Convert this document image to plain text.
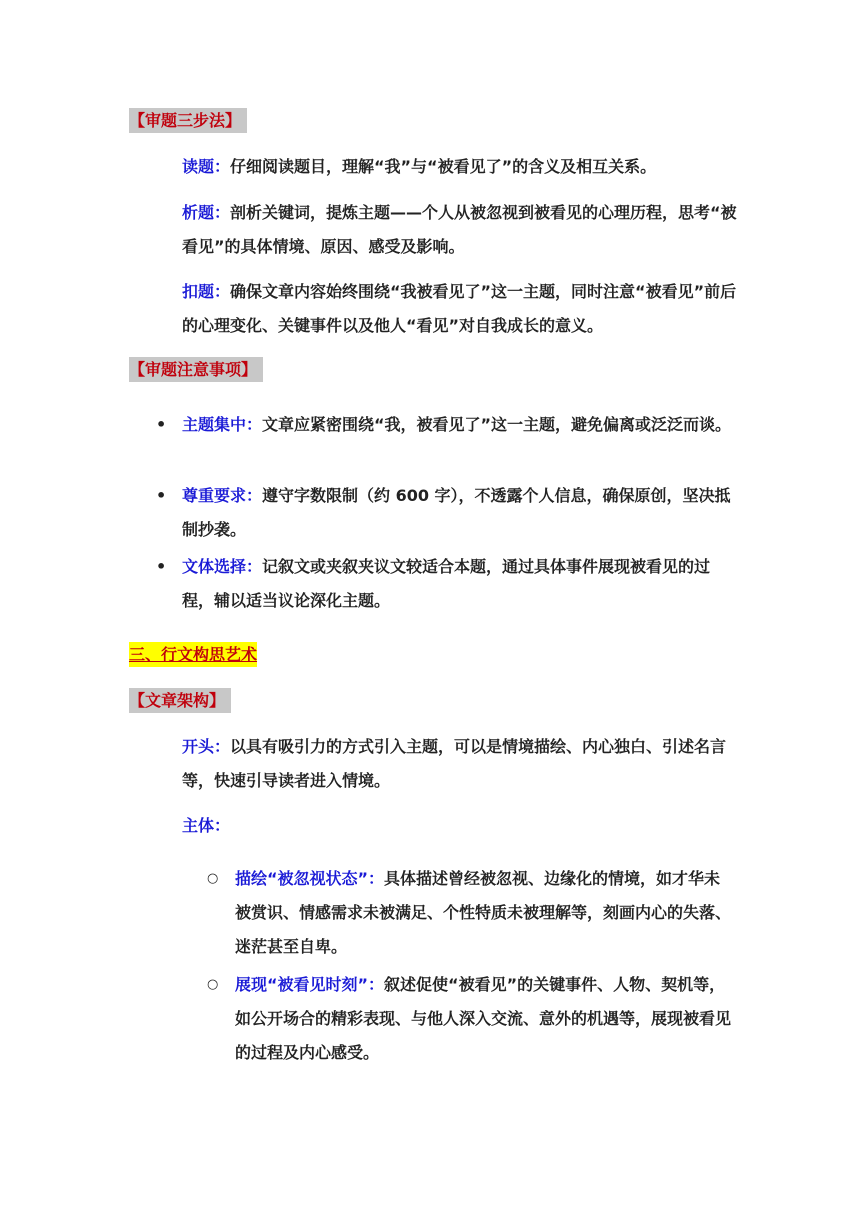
【审题三步法】

读题：仔细阅读题目，理解“我”与“被看见了”的含义及相互关系。

析题：剖析关键词，提炼主题——个人从被忽视到被看见的心理历程，思考“被看见”的具体情境、原因、感受及影响。

扣题：确保文章内容始终围绕“我被看见了”这一主题，同时注意“被看见”前后的心理变化、关键事件以及他人“看见”对自我成长的意义。

【审题注意事项】
• 主题集中：文章应紧密围绕“我，被看见了”这一主题，避免偏离或泛泛而谈。
• 尊重要求：遵守字数限制（约 600 字），不透露个人信息，确保原创，坚决抵制抄袭。
• 文体选择：记叙文或夹叙夹议文较适合本题，通过具体事件展现被看见的过程，辅以适当议论深化主题。
三、行文构思艺术
【文章架构】

开头：以具有吸引力的方式引入主题，可以是情境描绘、内心独白、引述名言等，快速引导读者进入情境。

主体：

○ 描绘“被忽视状态”：具体描述曾经被忽视、边缘化的情境，如才华未被赏识、情感需求未被满足、个性特质未被理解等，刻画内心的失落、迷茫甚至自卑。
○ 展现“被看见时刻”：叙述促使“被看见”的关键事件、人物、契机等，如公开场合的精彩表现、与他人深入交流、意外的机遇等，展现被看见的过程及内心感受。
